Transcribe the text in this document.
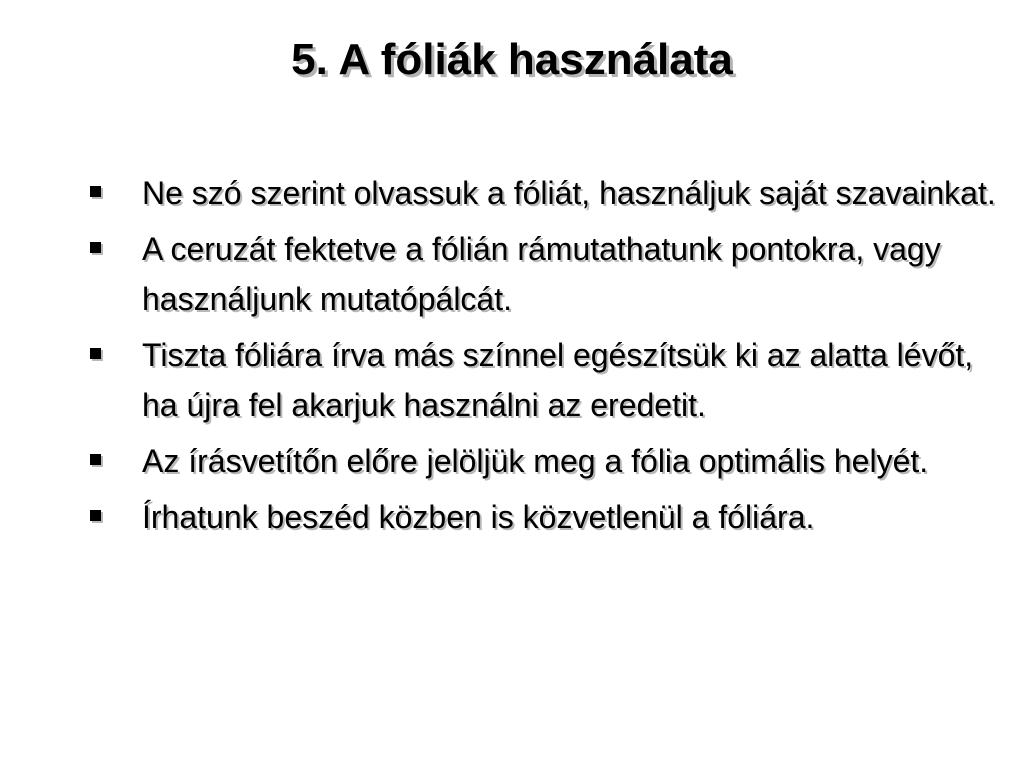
5. A fóliák használata
Ne szó szerint olvassuk a fóliát, használjuk saját szavainkat.
A ceruzát fektetve a fólián rámutathatunk pontokra, vagy használjunk mutatópálcát.
Tiszta fóliára írva más színnel egészítsük ki az alatta lévőt, ha újra fel akarjuk használni az eredetit.
Az írásvetítőn előre jelöljük meg a fólia optimális helyét.
Írhatunk beszéd közben is közvetlenül a fóliára.
